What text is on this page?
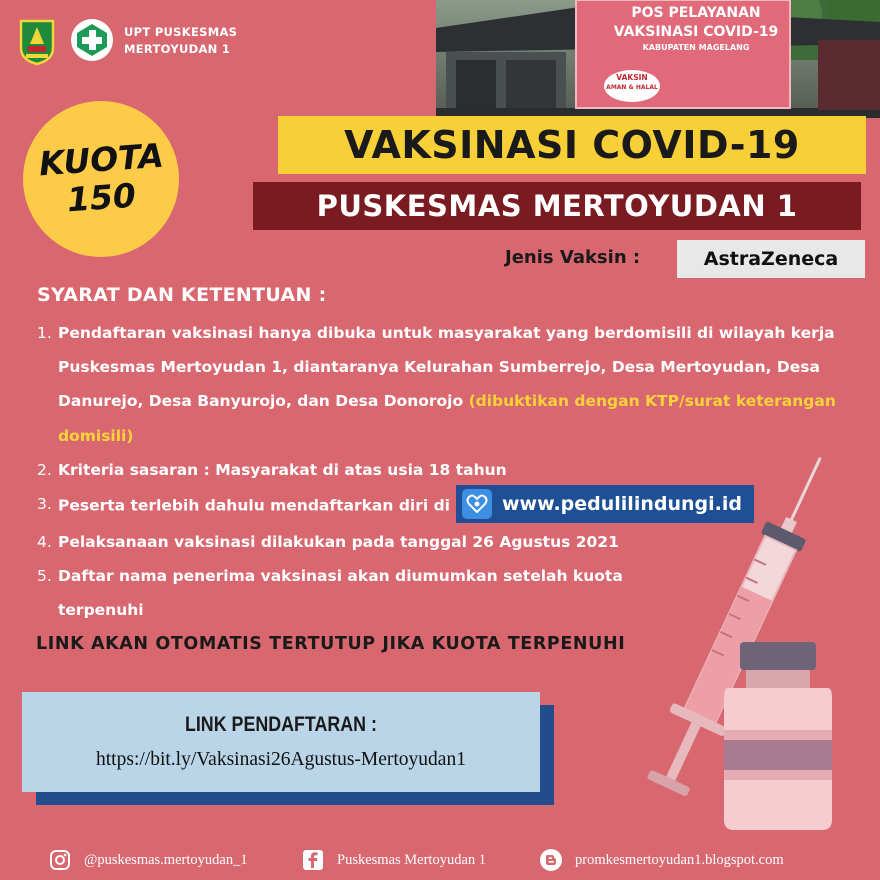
UPT PUSKESMAS
MERTOYUDAN 1
POS PELAYANAN
VAKSINASI COVID-19
KABUPATEN MAGELANG
VAKSIN
AMAN & HALAL
KUOTA
150
VAKSINASI COVID-19
PUSKESMAS MERTOYUDAN 1
Jenis Vaksin :	AstraZeneca
SYARAT DAN KETENTUAN :
1. Pendaftaran vaksinasi hanya dibuka untuk masyarakat yang berdomisili di wilayah kerja Puskesmas Mertoyudan 1, diantaranya Kelurahan Sumberrejo, Desa Mertoyudan, Desa Danurejo, Desa Banyurojo, dan Desa Donorojo (dibuktikan dengan KTP/surat keterangan domisili)
2. Kriteria sasaran : Masyarakat di atas usia 18 tahun
3. Peserta terlebih dahulu mendaftarkan diri di	www.pedulilindungi.id
4. Pelaksanaan vaksinasi dilakukan pada tanggal 26 Agustus 2021
5. Daftar nama penerima vaksinasi akan diumumkan setelah kuota terpenuhi
LINK AKAN OTOMATIS TERTUTUP JIKA KUOTA TERPENUHI
LINK PENDAFTARAN :
https://bit.ly/Vaksinasi26Agustus-Mertoyudan1
@puskesmas.mertoyudan_1	Puskesmas Mertoyudan 1	promkesmertoyudan1.blogspot.com
